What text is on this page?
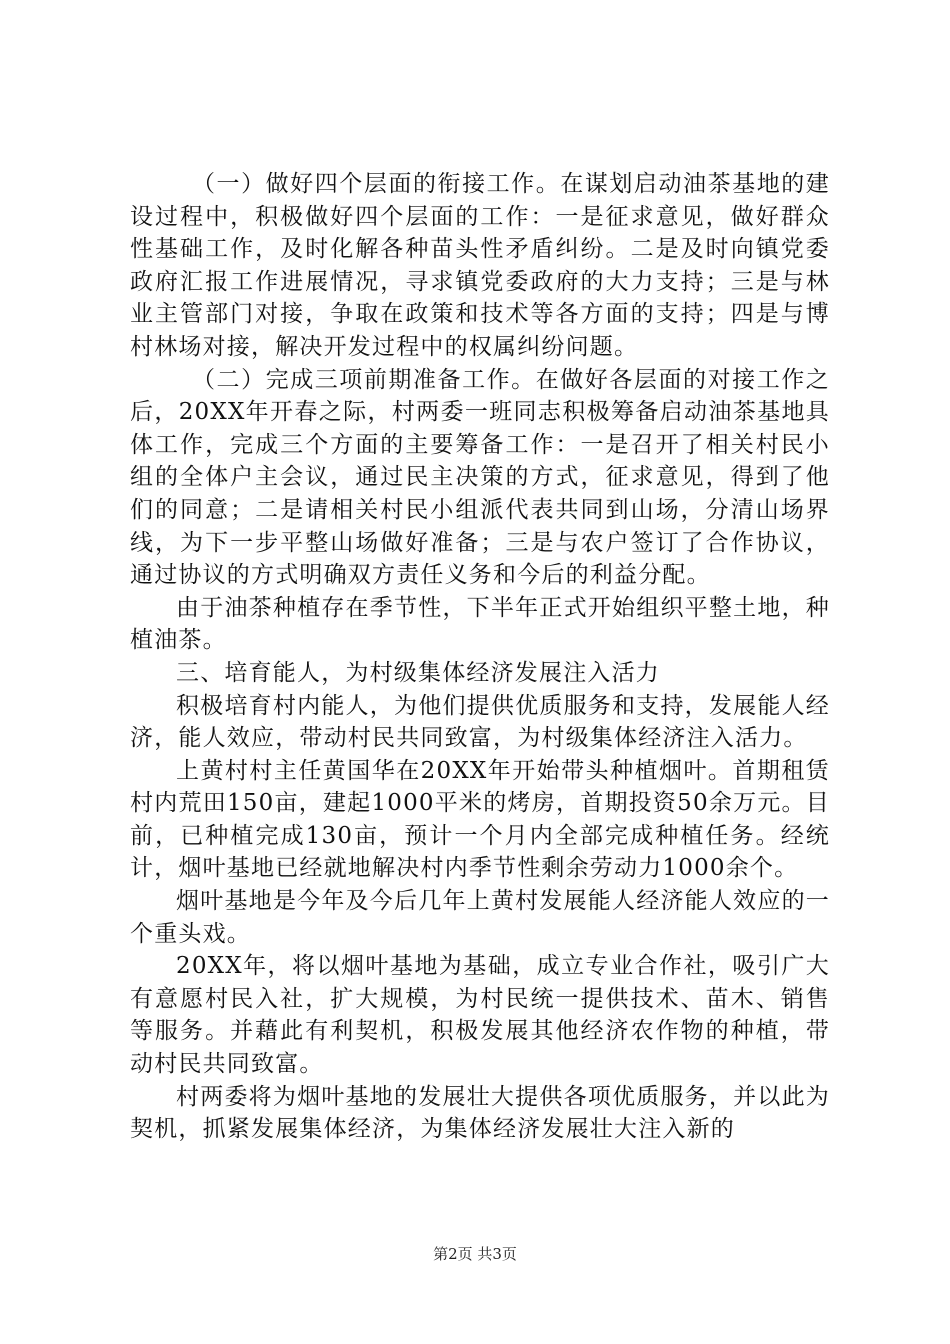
（一）做好四个层面的衔接工作。在谋划启动油茶基地的建设过程中，积极做好四个层面的工作：一是征求意见，做好群众性基础工作，及时化解各种苗头性矛盾纠纷。二是及时向镇党委政府汇报工作进展情况，寻求镇党委政府的大力支持；三是与林业主管部门对接，争取在政策和技术等各方面的支持；四是与博村林场对接，解决开发过程中的权属纠纷问题。

（二）完成三项前期准备工作。在做好各层面的对接工作之后，20XX年开春之际，村两委一班同志积极筹备启动油茶基地具体工作，完成三个方面的主要筹备工作：一是召开了相关村民小组的全体户主会议，通过民主决策的方式，征求意见，得到了他们的同意；二是请相关村民小组派代表共同到山场，分清山场界线，为下一步平整山场做好准备；三是与农户签订了合作协议，通过协议的方式明确双方责任义务和今后的利益分配。

由于油茶种植存在季节性，下半年正式开始组织平整土地，种植油茶。

三、培育能人，为村级集体经济发展注入活力

积极培育村内能人，为他们提供优质服务和支持，发展能人经济，能人效应，带动村民共同致富，为村级集体经济注入活力。

上黄村村主任黄国华在20XX年开始带头种植烟叶。首期租赁村内荒田150亩，建起1000平米的烤房，首期投资50余万元。目前，已种植完成130亩，预计一个月内全部完成种植任务。经统计，烟叶基地已经就地解决村内季节性剩余劳动力1000余个。

烟叶基地是今年及今后几年上黄村发展能人经济能人效应的一个重头戏。

20XX年，将以烟叶基地为基础，成立专业合作社，吸引广大有意愿村民入社，扩大规模，为村民统一提供技术、苗木、销售等服务。并藉此有利契机，积极发展其他经济农作物的种植，带动村民共同致富。

村两委将为烟叶基地的发展壮大提供各项优质服务，并以此为契机，抓紧发展集体经济，为集体经济发展壮大注入新的

第2页 共3页
